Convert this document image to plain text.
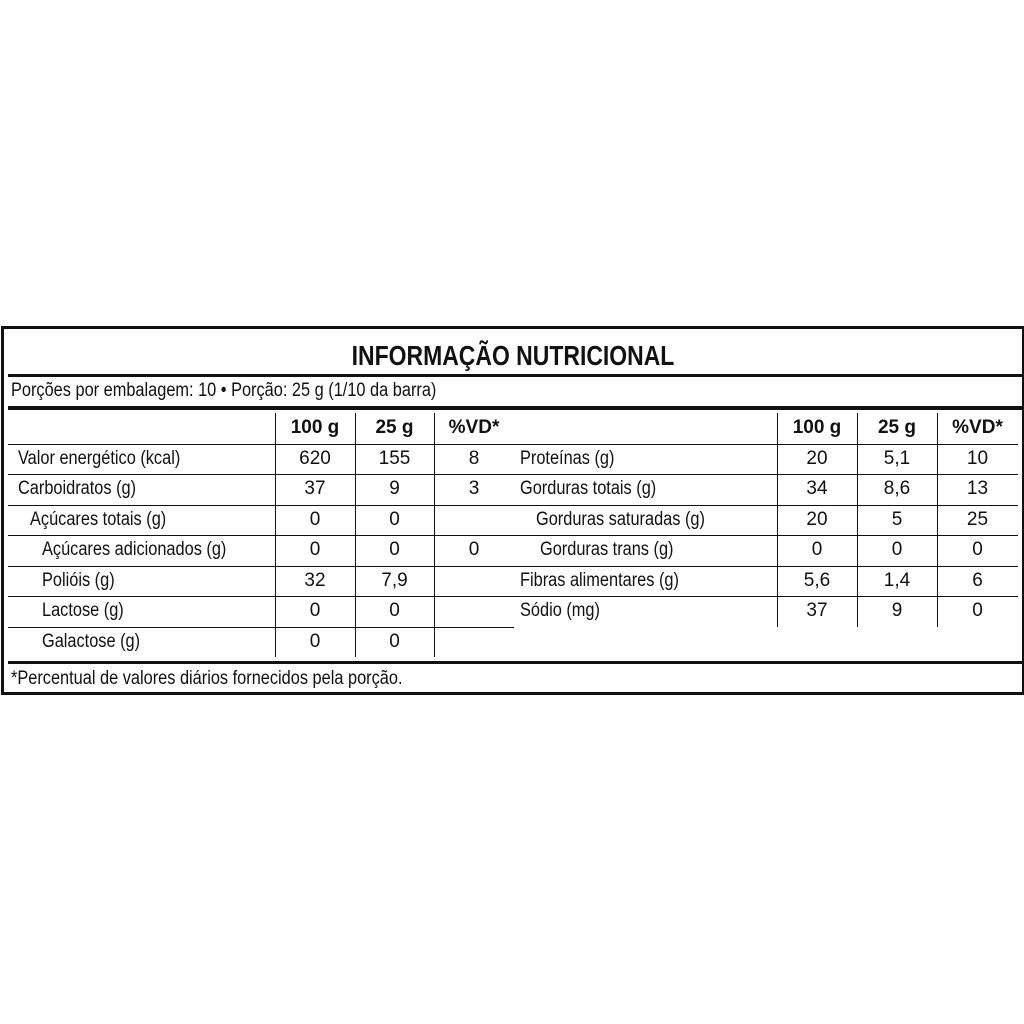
INFORMAÇÃO NUTRICIONAL
Porções por embalagem: 10 • Porção: 25 g (1/10 da barra)
100 g	25 g	%VD*
Valor energético (kcal)	620	155	8
Carboidratos (g)	37	9	3
Açúcares totais (g)	0	0
Açúcares adicionados (g)	0	0	0
Polióis (g)	32	7,9
Lactose (g)	0	0
Galactose (g)	0	0
100 g	25 g	%VD*
Proteínas (g)	20	5,1	10
Gorduras totais (g)	34	8,6	13
Gorduras saturadas (g)	20	5	25
Gorduras trans (g)	0	0	0
Fibras alimentares (g)	5,6	1,4	6
Sódio (mg)	37	9	0
*Percentual de valores diários fornecidos pela porção.
